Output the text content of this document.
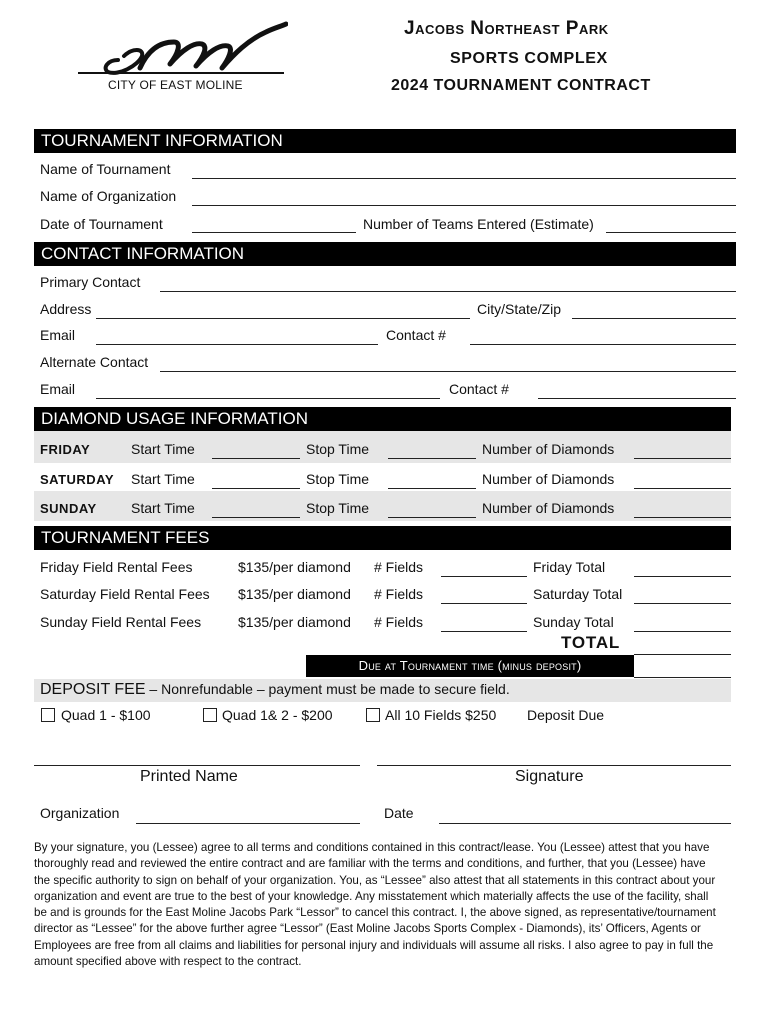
CITY OF EAST MOLINE
Jacobs Northeast Park
SPORTS COMPLEX
2024 TOURNAMENT CONTRACT
TOURNAMENT INFORMATION
Name of Tournament
Name of Organization
Date of Tournament	Number of Teams Entered (Estimate)
CONTACT INFORMATION
Primary Contact
Address	City/State/Zip
Email	Contact #
Alternate Contact
Email	Contact #
DIAMOND USAGE INFORMATION
FRIDAY	Start Time	Stop Time	Number of Diamonds
SATURDAY Start Time	Stop Time	Number of Diamonds
SUNDAY Start Time	Stop Time	Number of Diamonds
TOURNAMENT FEES
Friday Field Rental Fees	$135/per diamond # Fields	Friday Total
Saturday Field Rental Fees $135/per diamond # Fields	Saturday Total
Sunday Field Rental Fees	$135/per diamond # Fields	Sunday Total
TOTAL
Due at Tournament time (minus deposit)
DEPOSIT FEE – Nonrefundable – payment must be made to secure field.
Quad 1 - $100	Quad 1& 2 - $200	All 10 Fields $250 Deposit Due
Printed Name	Signature
Organization	Date
By your signature, you (Lessee) agree to all terms and conditions contained in this contract/lease. You (Lessee) attest that you have thoroughly read and reviewed the entire contract and are familiar with the terms and conditions, and further, that you (Lessee) have the specific authority to sign on behalf of your organization. You, as “Lessee” also attest that all statements in this contract about your organization and event are true to the best of your knowledge. Any misstatement which materially affects the use of the facility, shall be and is grounds for the East Moline Jacobs Park “Lessor” to cancel this contract. I, the above signed, as representative/tournament director as “Lessee” for the above further agree “Lessor” (East Moline Jacobs Sports Complex - Diamonds), its’ Officers, Agents or Employees are free from all claims and liabilities for personal injury and individuals will assume all risks. I also agree to pay in full the amount specified above with respect to the contract.
